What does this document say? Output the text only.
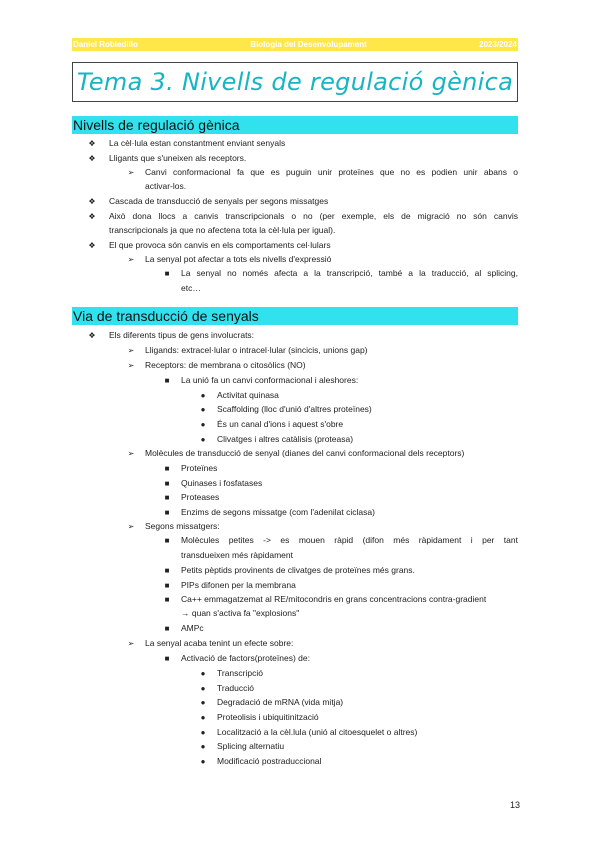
Daniel Robledillo	Biologia del Desenvolupament	2023/2024
Tema 3. Nivells de regulació gènica
Nivells de regulació gènica
❖ La cèl·lula estan constantment enviant senyals
❖ Lligants que s'uneixen als receptors.
➢ Canvi conformacional fa que es puguin unir proteïnes que no es podien unir abans o
activar-los.
❖ Cascada de transducció de senyals per segons missatges
❖ Això dona llocs a canvis transcripcionals o no (per exemple, els de migració no són canvis
transcripcionals ja que no afectena tota la cèl·lula per igual).
❖ El que provoca són canvis en els comportaments cel·lulars
➢ La senyal pot afectar a tots els nivells d'expressió
■	La senyal no només afecta a la transcripció, també a la traducció, al splicing,
etc…
Via de transducció de senyals
❖ Els diferents tipus de gens involucrats:
➢ Lligands: extracel·lular o intracel·lular (sincicis, unions gap)
➢ Receptors: de membrana o citosòlics (NO)
■	La unió fa un canvi conformacional i aleshores:
●	Activitat quinasa
●	Scaffolding (lloc d'unió d'altres proteïnes)
●	És un canal d'ions i aquest s'obre
●	Clivatges i altres catàlisis (proteasa)
➢ Molècules de transducció de senyal (dianes del canvi conformacional dels receptors)
■	Proteïnes
■	Quinases i fosfatases
■	Proteases
■	Enzims de segons missatge (com l'adenilat ciclasa)
➢ Segons missatgers:
■	Molècules petites -> es mouen ràpid (difon més ràpidament i per tant
transdueixen més ràpidament
■	Petits pèptids provinents de clivatges de proteïnes més grans.
■	PIPs difonen per la membrana
■	Ca++ emmagatzemat al RE/mitocondris en grans concentracions contra-gradient
→ quan s'activa fa "explosions"
■	AMPc
➢ La senyal acaba tenint un efecte sobre:
■	Activació de factors(proteïnes) de:
●	Transcripció
●	Traducció
●	Degradació de mRNA (vida mitja)
●	Proteolisis i ubiquitinització
●	Localització a la cèl.lula (unió al citoesquelet o altres)
●	Splicing alternatiu
●	Modificació postraduccional
13
